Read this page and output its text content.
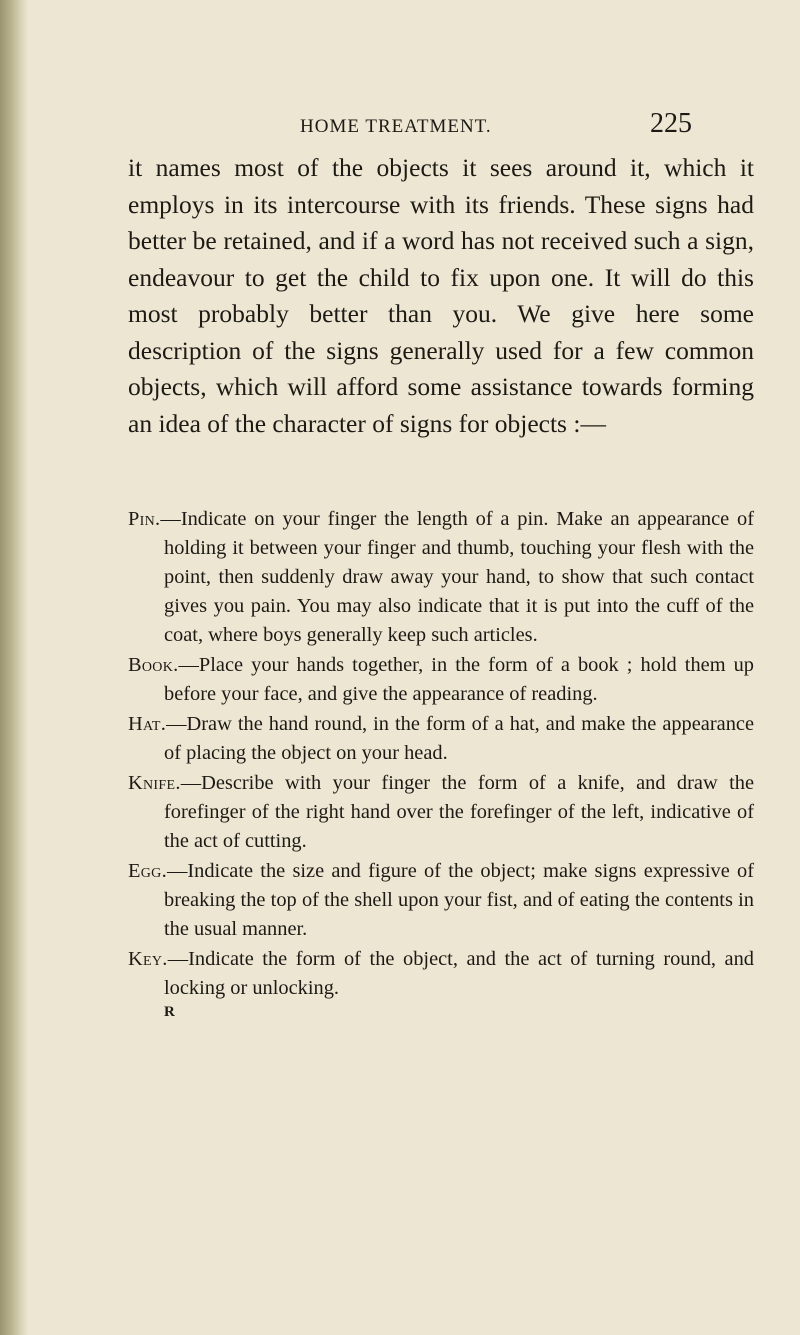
HOME TREATMENT.	225

it names most of the objects it sees around it, which it employs in its intercourse with its friends. These signs had better be retained, and if a word has not received such a sign, endeavour to get the child to fix upon one. It will do this most probably better than you. We give here some description of the signs generally used for a few common objects, which will afford some assistance towards forming an idea of the character of signs for objects :—

Pin.—Indicate on your finger the length of a pin. Make an appearance of holding it between your finger and thumb, touching your flesh with the point, then suddenly draw away your hand, to show that such contact gives you pain. You may also indicate that it is put into the cuff of the coat, where boys generally keep such articles.

Book.—Place your hands together, in the form of a book ; hold them up before your face, and give the appearance of reading.

Hat.—Draw the hand round, in the form of a hat, and make the appearance of placing the object on your head.

Knife.—Describe with your finger the form of a knife, and draw the forefinger of the right hand over the forefinger of the left, indicative of the act of cutting.

Egg.—Indicate the size and figure of the object; make signs expressive of breaking the top of the shell upon your fist, and of eating the contents in the usual manner.

Key.—Indicate the form of the object, and the act of turning round, and locking or unlocking.

R
